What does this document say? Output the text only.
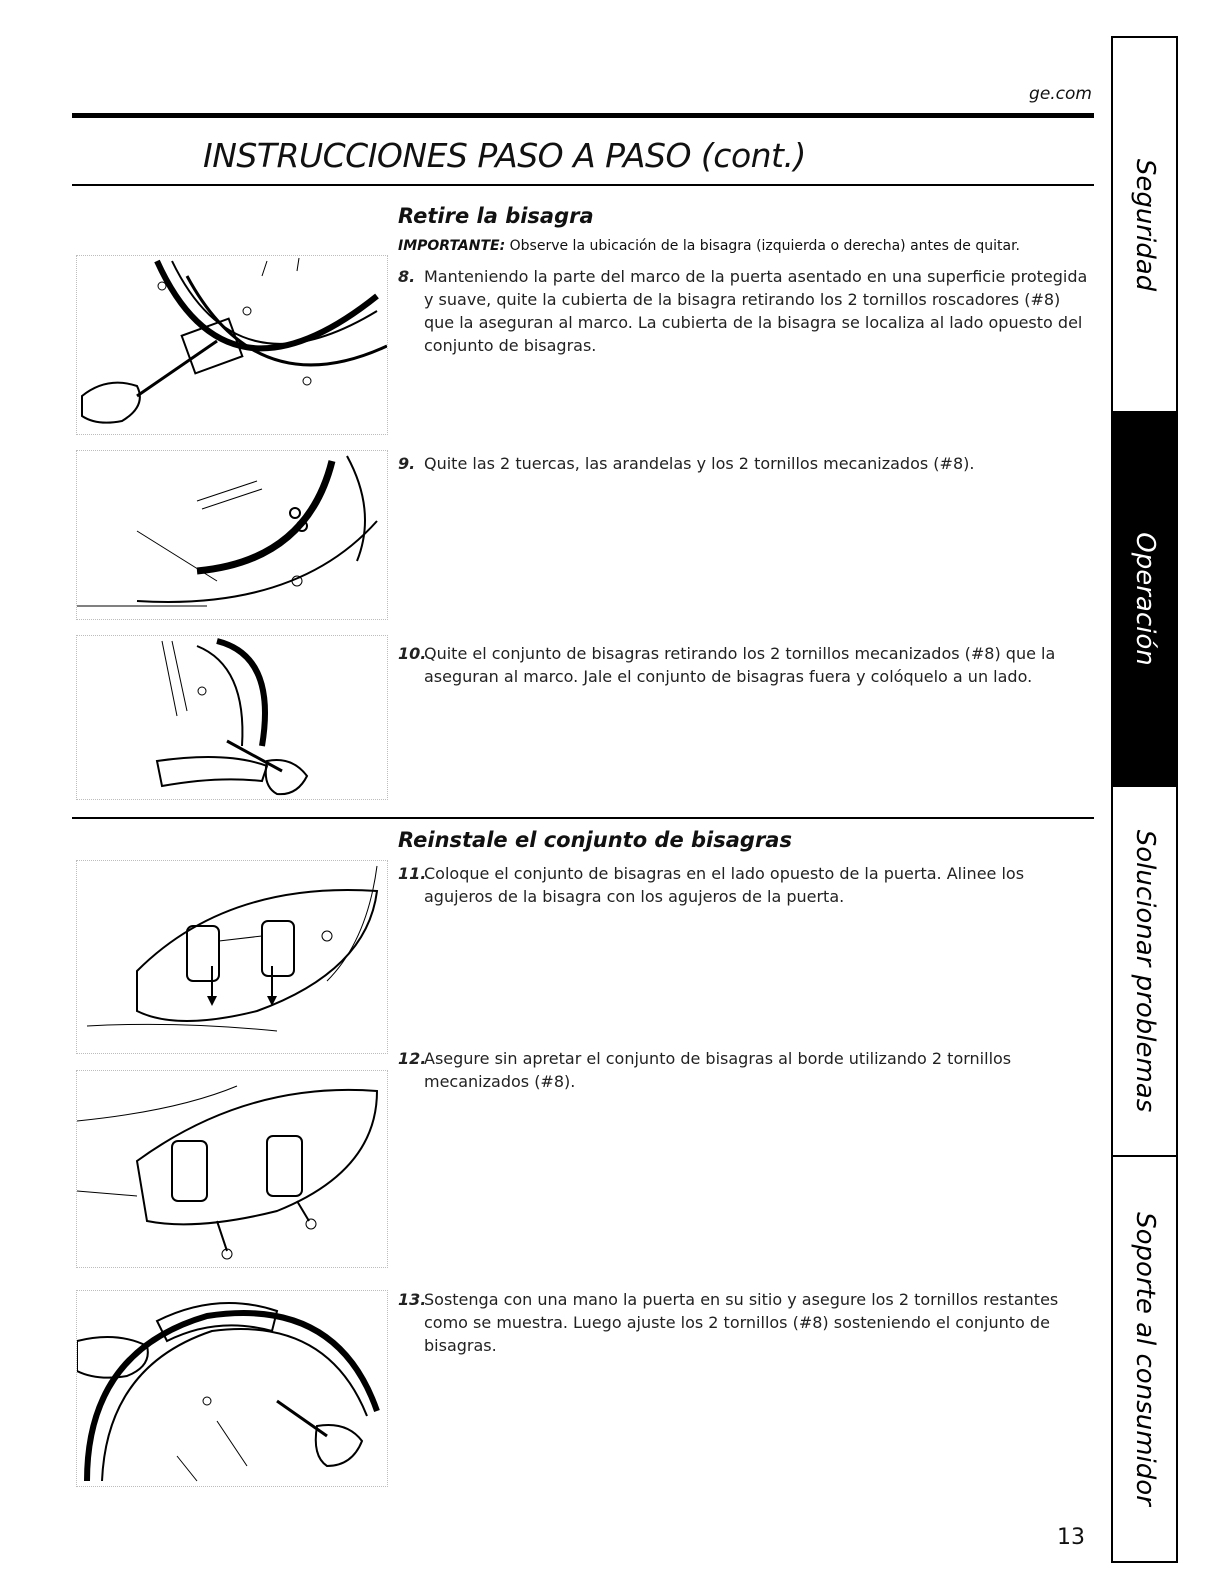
ge.com
INSTRUCCIONES PASO A PASO (cont.)
Retire la bisagra
IMPORTANTE: Observe la ubicación de la bisagra (izquierda o derecha) antes de quitar.
8. Manteniendo la parte del marco de la puerta asentado en una superficie protegida y suave, quite la cubierta de la bisagra retirando los 2 tornillos roscadores (#8) que la aseguran al marco. La cubierta de la bisagra se localiza al lado opuesto del conjunto de bisagras.
9. Quite las 2 tuercas, las arandelas y los 2 tornillos mecanizados (#8).
10.
Quite el conjunto de bisagras retirando los 2 tornillos mecanizados (#8) que la aseguran al marco. Jale el conjunto de bisagras fuera y colóquelo a un lado.
Reinstale el conjunto de bisagras
11.
Coloque el conjunto de bisagras en el lado opuesto de la puerta. Alinee los agujeros de la bisagra con los agujeros de la puerta.
12.
Asegure sin apretar el conjunto de bisagras al borde utilizando 2 tornillos mecanizados (#8).
13.
Sostenga con una mano la puerta en su sitio y asegure los 2 tornillos restantes como se muestra. Luego ajuste los 2 tornillos (#8) sosteniendo el conjunto de bisagras.
Seguridad
Operación
Solucionar problemas
Soporte al consumidor
13
